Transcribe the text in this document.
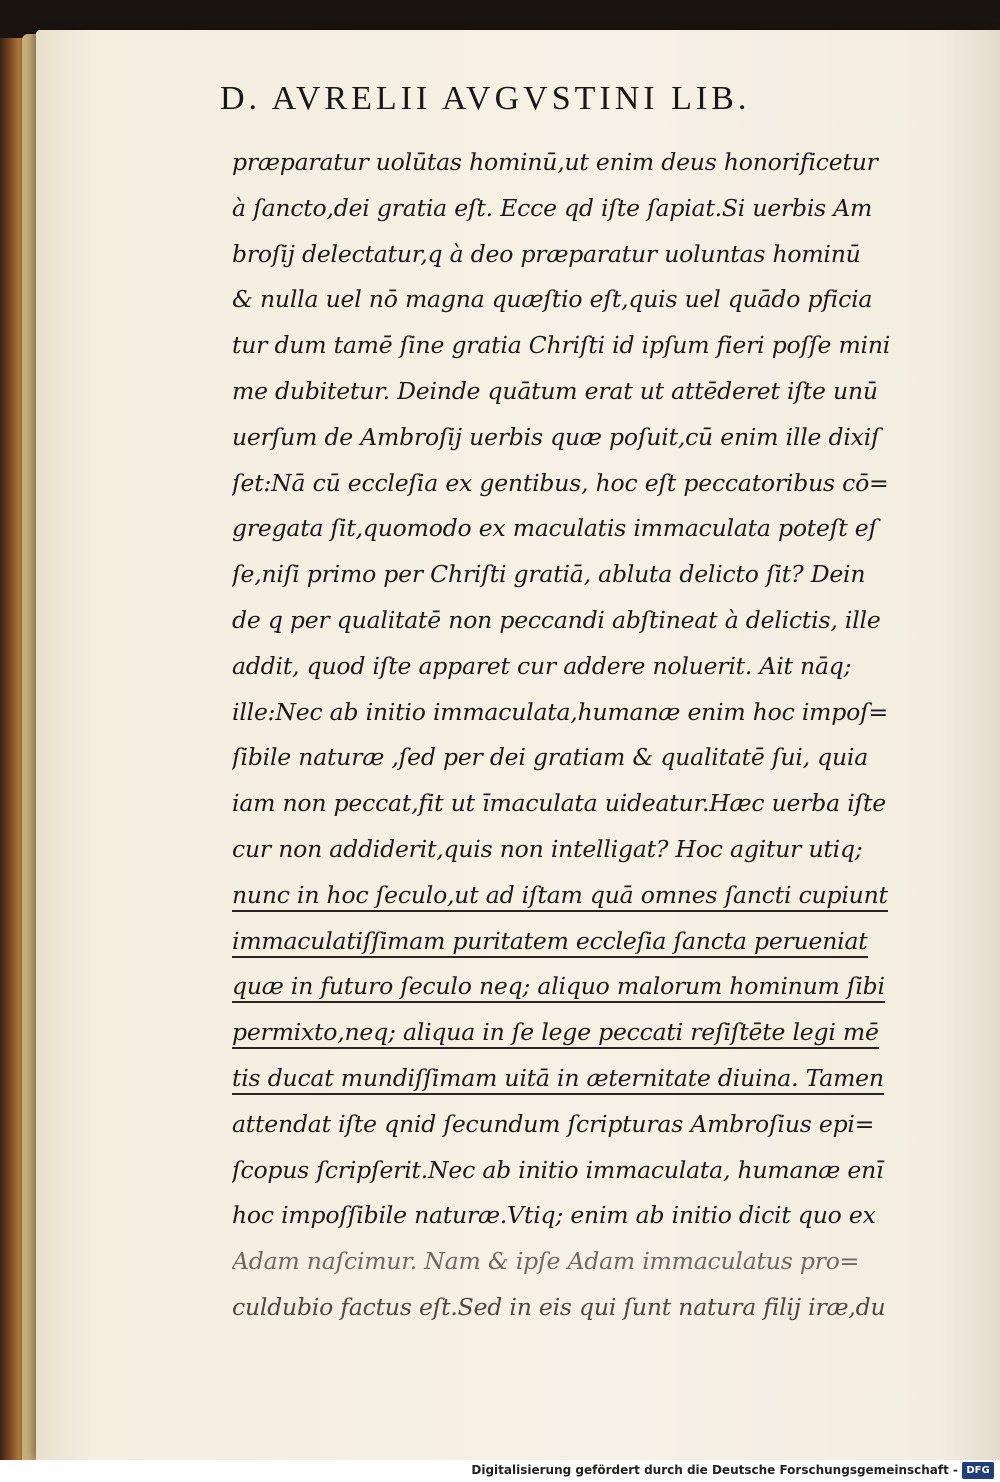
D. AVRELII AVGVSTINI LIB.
præparatur uolūtas hominū,ut enim deus honorificetur
à ſancto,dei gratia eſt. Ecce qd iſte ſapiat.Si uerbis Am
broſij delectatur,q̧ à deo præparatur uoluntas hominū
& nulla uel nō magna quæſtio eſt,quis uel quādo pficia
tur dum tamē ſine gratia Chriſti id ipſum fieri poſſe mini
me dubitetur. Deinde quātum erat ut attēderet iſte unū
uerſum de Ambroſij uerbis quæ poſuit,cū enim ille dixiſ
ſet:Nā cū eccleſia ex gentibus, hoc eſt peccatoribus cō=
gregata ſit,quomodo ex maculatis immaculata poteſt eſ
ſe,niſi primo per Chriſti gratiā, abluta delicto ſit? Dein
de q̧ per qualitatē non peccandi abſtineat à delictis, ille
addit, quod iſte apparet cur addere noluerit. Ait nāq;
ille:Nec ab initio immaculata,humanæ enim hoc impoſ=
ſibile naturæ ,ſed per dei gratiam & qualitatē ſui, quia
iam non peccat,fit ut īmaculata uideatur.Hæc uerba iſte
cur non addiderit,quis non intelligat? Hoc agitur utiq;
nunc in hoc ſeculo,ut ad iſtam quā omnes ſancti cupiunt
immaculatiſſimam puritatem eccleſia ſancta perueniat
quæ in futuro ſeculo neq; aliquo malorum hominum ſibi
permixto,neq; aliqua in ſe lege peccati reſiſtēte legi mē
tis ducat mundiſſimam uitā in æternitate diuina. Tamen
attendat iſte qnid ſecundum ſcripturas Ambroſius epi=
ſcopus ſcripſerit.Nec ab initio immaculata, humanæ enī
hoc impoſſibile naturæ.Vtiq; enim ab initio dicit quo ex
Adam naſcimur. Nam & ipſe Adam immaculatus pro=
culdubio factus eſt.Sed in eis qui ſunt natura filij iræ,du
Digitalisierung gefördert durch die Deutsche Forschungsgemeinschaft - DFG
